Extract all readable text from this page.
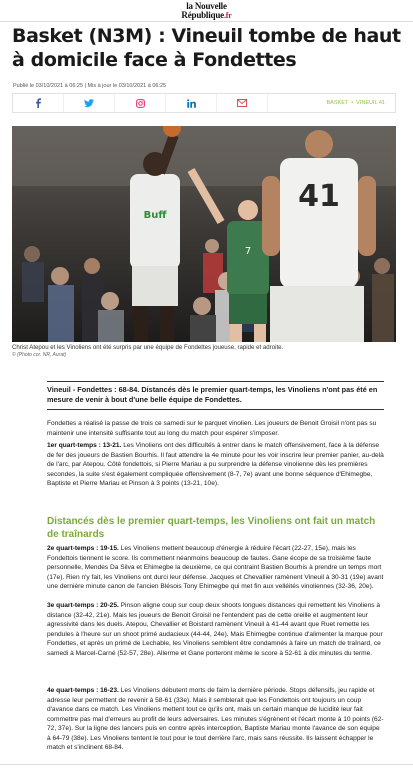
la Nouvelle
République.fr
Basket (N3M) : Vineuil tombe de haut à domicile face à Fondettes
Publié le 03/10/2021 à 06:25 | Mis à jour le 03/10/2021 à 06:25
BASKET • VINEUIL 41
Buff
7
41
Christ Atepou et les Vinoliens ont été surpris par une équipe de Fondettes joueuse, rapide et adroite.
© (Photo cor. NR, Aurat)
Vineuil - Fondettes : 68-84. Distancés dès le premier quart-temps, les Vinoliens n'ont pas été en mesure de venir à bout d'une belle équipe de Fondettes.

Fondettes a réalisé la passe de trois ce samedi sur le parquet vinolien. Les joueurs de Benoit Groisil n'ont pas su maintenir une intensité suffisante tout au long du match pour espérer s'imposer.

1er quart-temps : 13-21. Les Vinoliens ont des difficultés à entrer dans le match offensivement, face à la défense de fer des joueurs de Bastien Bourhis. Il faut attendre la 4e minute pour les voir inscrire leur premier panier, au-delà de l'arc, par Atepou. Côté fondettois, si Pierre Mariau a pu surprendre la défense vinolienne dès les premières secondes, la suite s'est également compliquée offensivement (8-7, 7e) avant une bonne séquence d'Ehimegbe, Baptiste et Pierre Mariau et Pinson à 3 points (13-21, 10e).

Distancés dès le premier quart-temps, les Vinoliens ont fait un match de traînards

2e quart-temps : 19-15. Les Vinoliens mettent beaucoup d'énergie à réduire l'écart (22-27, 15e), mais les Fondettois tiennent le score. Ils commettent néanmoins beaucoup de fautes. Gane écope de sa troisième faute personnelle, Mendes Da Silva et Ehimegbe la deuxième, ce qui contraint Bastien Bourhis à prendre un temps mort (17e). Rien n'y fait, les Vinoliens ont durci leur défense. Jacques et Chevallier ramènent Vineuil à 30-31 (19e) avant une dernière minute canon de l'ancien Blésois Tony Ehimegbe qui met fin aux velléités vinoliennes (32-36, 20e).

3e quart-temps : 20-25. Pinson aligne coup sur coup deux shoots longues distances qui remettent les Vinoliens à distance (32-42, 21e). Mais les joueurs de Benoit Groisil ne l'entendent pas de cette oreille et augmentent leur agressivité dans les duels. Atepou, Chevallier et Boistard ramènent Vineuil à 41-44 avant que Ruet remette les pendules à l'heure sur un shoot primé audacieux (44-44, 24e). Mais Ehimegbe continue d'alimenter la marque pour Fondettes, et après un primé de Lechable, les Vinoliens semblent être condamnés à faire un match de traînard, ce samedi à Marcel-Carné (52-57, 28e). Allerme et Gane porteront même le score à 52-61 à dix minutes du terme.

4e quart-temps : 16-23. Les Vinoliens débutent morts de faim la dernière période. Stops défensifs, jeu rapide et adresse leur permettent de revenir à 58-61 (33e). Mais il semblerait que les Fondettois ont toujours un coup d'avance dans ce match. Les Vinoliens mettent tout ce qu'ils ont, mais un certain manque de lucidité leur fait commettre pas mal d'erreurs au profit de leurs adversaires. Les minutes s'égrènent et l'écart monte à 10 points (62-72, 37e). Sur la ligne des lancers puis en contre après interception, Baptiste Mariau monte l'avance de son équipe à 64-79 (38e). Les Vinoliens tentent le tout pour le tout derrière l'arc, mais sans réussite. Ils laissent échapper le match et s'inclinent 68-84.
